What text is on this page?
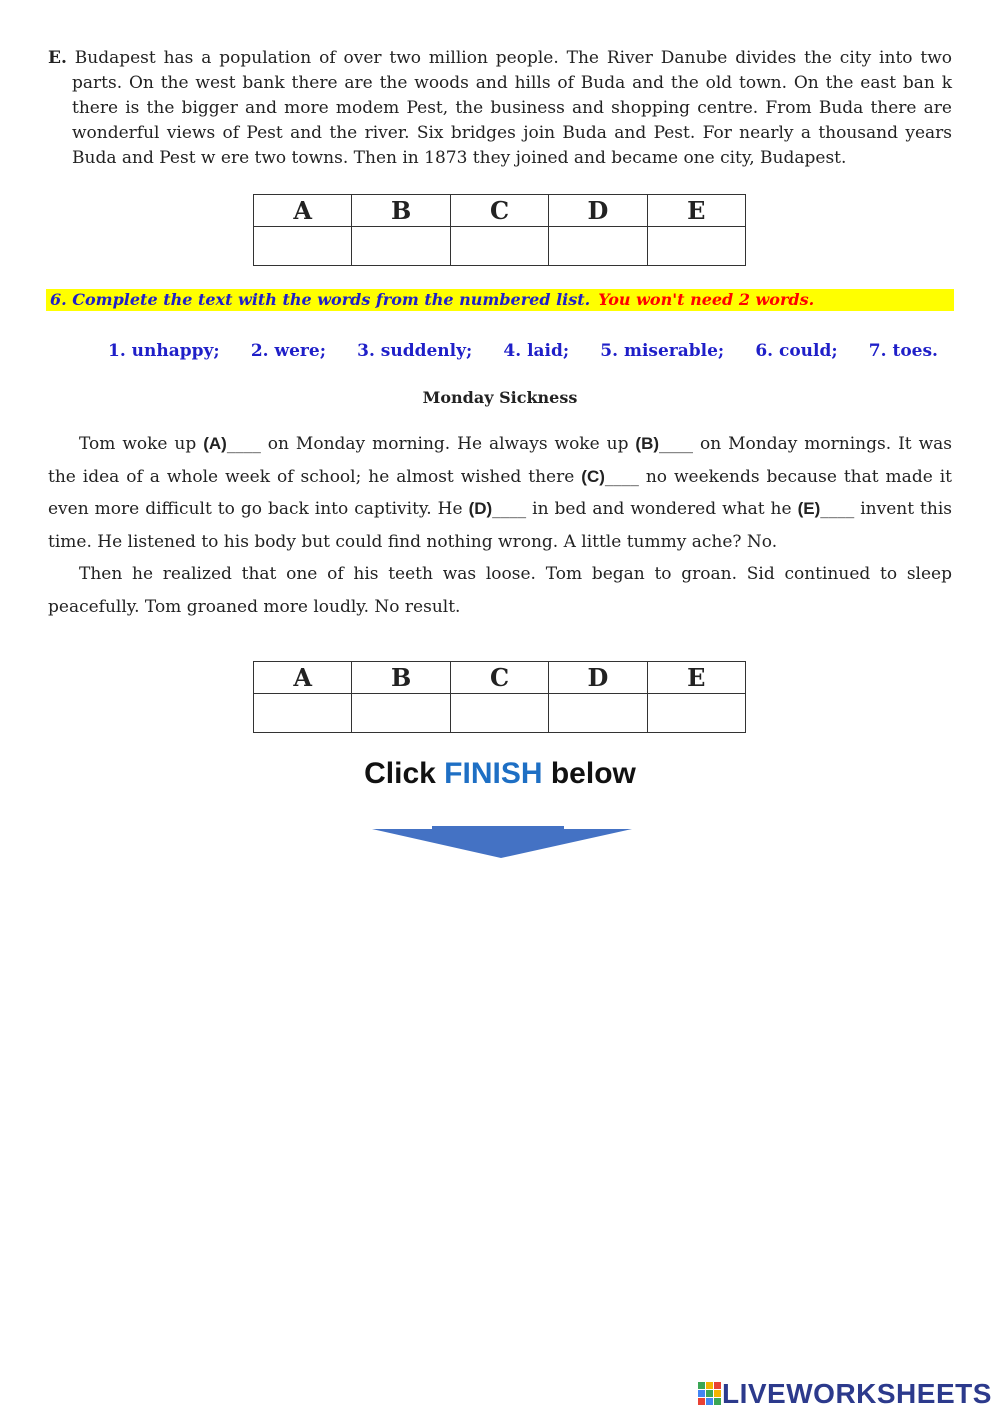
E. Budapest has a population of over two million people. The River Danube divides the city into two parts. On the west bank there are the woods and hills of Buda and the old town. On the east ban k there is the bigger and more modem Pest, the business and shopping centre. From Buda there are wonderful views of Pest and the river. Six bridges join Buda and Pest. For nearly a thousand years Buda and Pest w ere two towns. Then in 1873 they joined and became one city, Budapest.
A	B	C	D	E

6. Complete the text with the words from the numbered list. You won't need 2 words.
1. unhappy; 2. were; 3. suddenly; 4. laid; 5. miserable; 6. could; 7. toes.
Monday Sickness

Tom woke up (A)____ on Monday morning. He always woke up (B)____ on Monday mornings. It was the idea of a whole week of school; he almost wished there (C)____ no weekends because that made it even more difficult to go back into captivity. He (D)____ in bed and wondered what he (E)____ invent this time. He listened to his body but could find nothing wrong. A little tummy ache? No.

Then he realized that one of his teeth was loose. Tom began to groan. Sid continued to sleep peacefully. Tom groaned more loudly. No result.

A	B	C	D	E

Click FINISH below
LIVEWORKSHEETS
